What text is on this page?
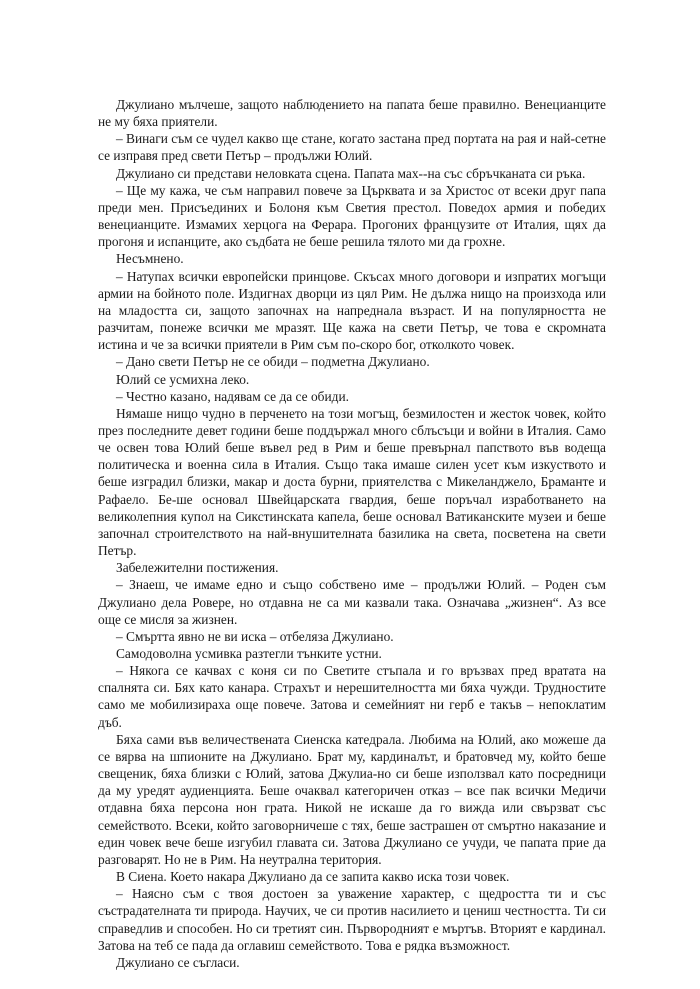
Джулиано мълчеше, защото наблюдението на папата беше правилно. Венецианците не му бяха приятели.

– Винаги съм се чудел какво ще стане, когато застана пред портата на рая и най-сетне се изправя пред свети Петър – продължи Юлий.

Джулиано си представи неловката сцена. Папата мах--на със сбръчканата си ръка.

– Ще му кажа, че съм направил повече за Църквата и за Христос от всеки друг папа преди мен. Присъединих и Болоня към Светия престол. Поведох армия и победих венецианците. Измамих херцога на Ферара. Прогоних французите от Италия, щях да прогоня и испанците, ако съдбата не беше решила тялото ми да грохне.

Несъмнено.

– Натупах всички европейски принцове. Скъсах много договори и изпратих могъщи армии на бойното поле. Издигнах дворци из цял Рим. Не дължа нищо на произхода или на младостта си, защото започнах на напреднала възраст. И на популярността не разчитам, понеже всички ме мразят. Ще кажа на свети Петър, че това е скромната истина и че за всички приятели в Рим съм по-скоро бог, отколкото човек.

– Дано свети Петър не се обиди – подметна Джулиано.

Юлий се усмихна леко.

– Честно казано, надявам се да се обиди.

Нямаше нищо чудно в перченето на този могъщ, безмилостен и жесток човек, който през последните девет години беше поддържал много сблъсъци и войни в Италия. Само че освен това Юлий беше въвел ред в Рим и беше превърнал папството във водеща политическа и военна сила в Италия. Също така имаше силен усет към изкуството и беше изградил близки, макар и доста бурни, приятелства с Микеланджело, Браманте и Рафаело. Бе-ше основал Швейцарската гвардия, беше поръчал изработването на великолепния купол на Сикстинската капела, беше основал Ватиканските музеи и беше започнал строителството на най-внушителната базилика на света, посветена на свети Петър.

Забележителни постижения.

– Знаеш, че имаме едно и също собствено име – продължи Юлий. – Роден съм Джулиано дела Ровере, но отдавна не са ми казвали така. Означава „жизнен“. Аз все още се мисля за жизнен.

– Смъртта явно не ви иска – отбеляза Джулиано.

Самодоволна усмивка разтегли тънките устни.

– Някога се качвах с коня си по Светите стъпала и го връзвах пред вратата на спалнята си. Бях като канара. Страхът и нерешителността ми бяха чужди. Трудностите само ме мобилизираха още повече. Затова и семейният ни герб е такъв – непоклатим дъб.

Бяха сами във величествената Сиенска катедрала. Любима на Юлий, ако можеше да се вярва на шпионите на Джулиано. Брат му, кардиналът, и братовчед му, който беше свещеник, бяха близки с Юлий, затова Джулиа-но си беше използвал като посредници да му уредят аудиенцията. Беше очаквал категоричен отказ – все пак всички Медичи отдавна бяха персона нон грата. Никой не искаше да го вижда или свързват със семейството. Всеки, който заговорничеше с тях, беше застрашен от смъртно наказание и един човек вече беше изгубил главата си. Затова Джулиано се учуди, че папата прие да разговарят. Но не в Рим. На неутрална територия.

В Сиена. Което накара Джулиано да се запита какво иска този човек.

– Наясно съм с твоя достоен за уважение характер, с щедростта ти и със състрадателната ти природа. Научих, че си против насилието и цениш честността. Ти си справедлив и способен. Но си третият син. Първородният е мъртъв. Вторият е кардинал. Затова на теб се пада да оглавиш семейството. Това е рядка възможност.

Джулиано се съгласи.
